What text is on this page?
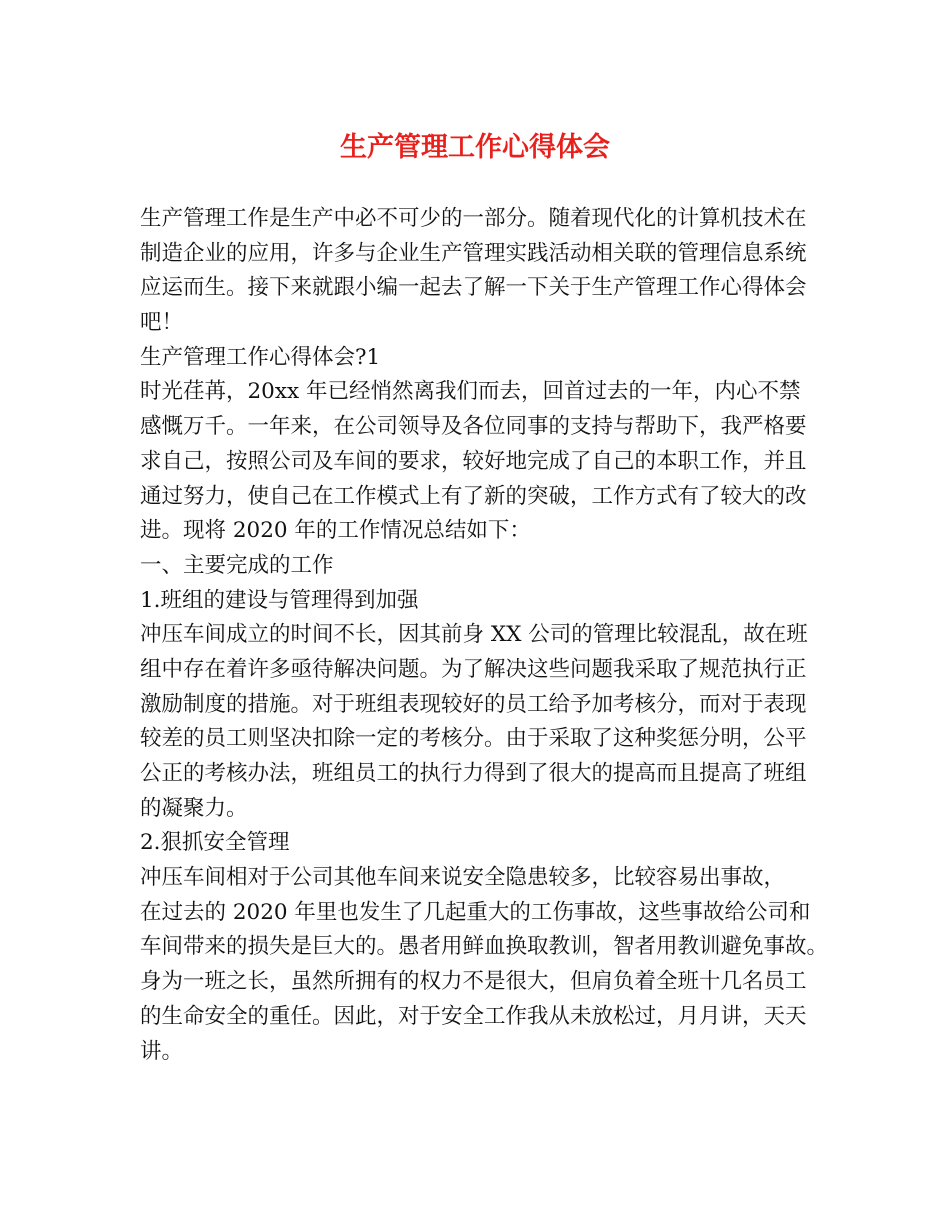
生产管理工作心得体会
生产管理工作是生产中必不可少的一部分。随着现代化的计算机技术在
制造企业的应用，许多与企业生产管理实践活动相关联的管理信息系统
应运而生。接下来就跟小编一起去了解一下关于生产管理工作心得体会
吧！
生产管理工作心得体会?1
时光荏苒，20xx 年已经悄然离我们而去，回首过去的一年，内心不禁
感慨万千。一年来，在公司领导及各位同事的支持与帮助下，我严格要
求自己，按照公司及车间的要求，较好地完成了自己的本职工作，并且
通过努力，使自己在工作模式上有了新的突破，工作方式有了较大的改
进。现将 2020 年的工作情况总结如下：
一、主要完成的工作
1.班组的建设与管理得到加强
冲压车间成立的时间不长，因其前身 XX 公司的管理比较混乱，故在班
组中存在着许多亟待解决问题。为了解决这些问题我采取了规范执行正
激励制度的措施。对于班组表现较好的员工给予加考核分，而对于表现
较差的员工则坚决扣除一定的考核分。由于采取了这种奖惩分明，公平
公正的考核办法，班组员工的执行力得到了很大的提高而且提高了班组
的凝聚力。
2.狠抓安全管理
冲压车间相对于公司其他车间来说安全隐患较多，比较容易出事故，
在过去的 2020 年里也发生了几起重大的工伤事故，这些事故给公司和
车间带来的损失是巨大的。愚者用鲜血换取教训，智者用教训避免事故。
身为一班之长，虽然所拥有的权力不是很大，但肩负着全班十几名员工
的生命安全的重任。因此，对于安全工作我从未放松过，月月讲，天天
讲。
